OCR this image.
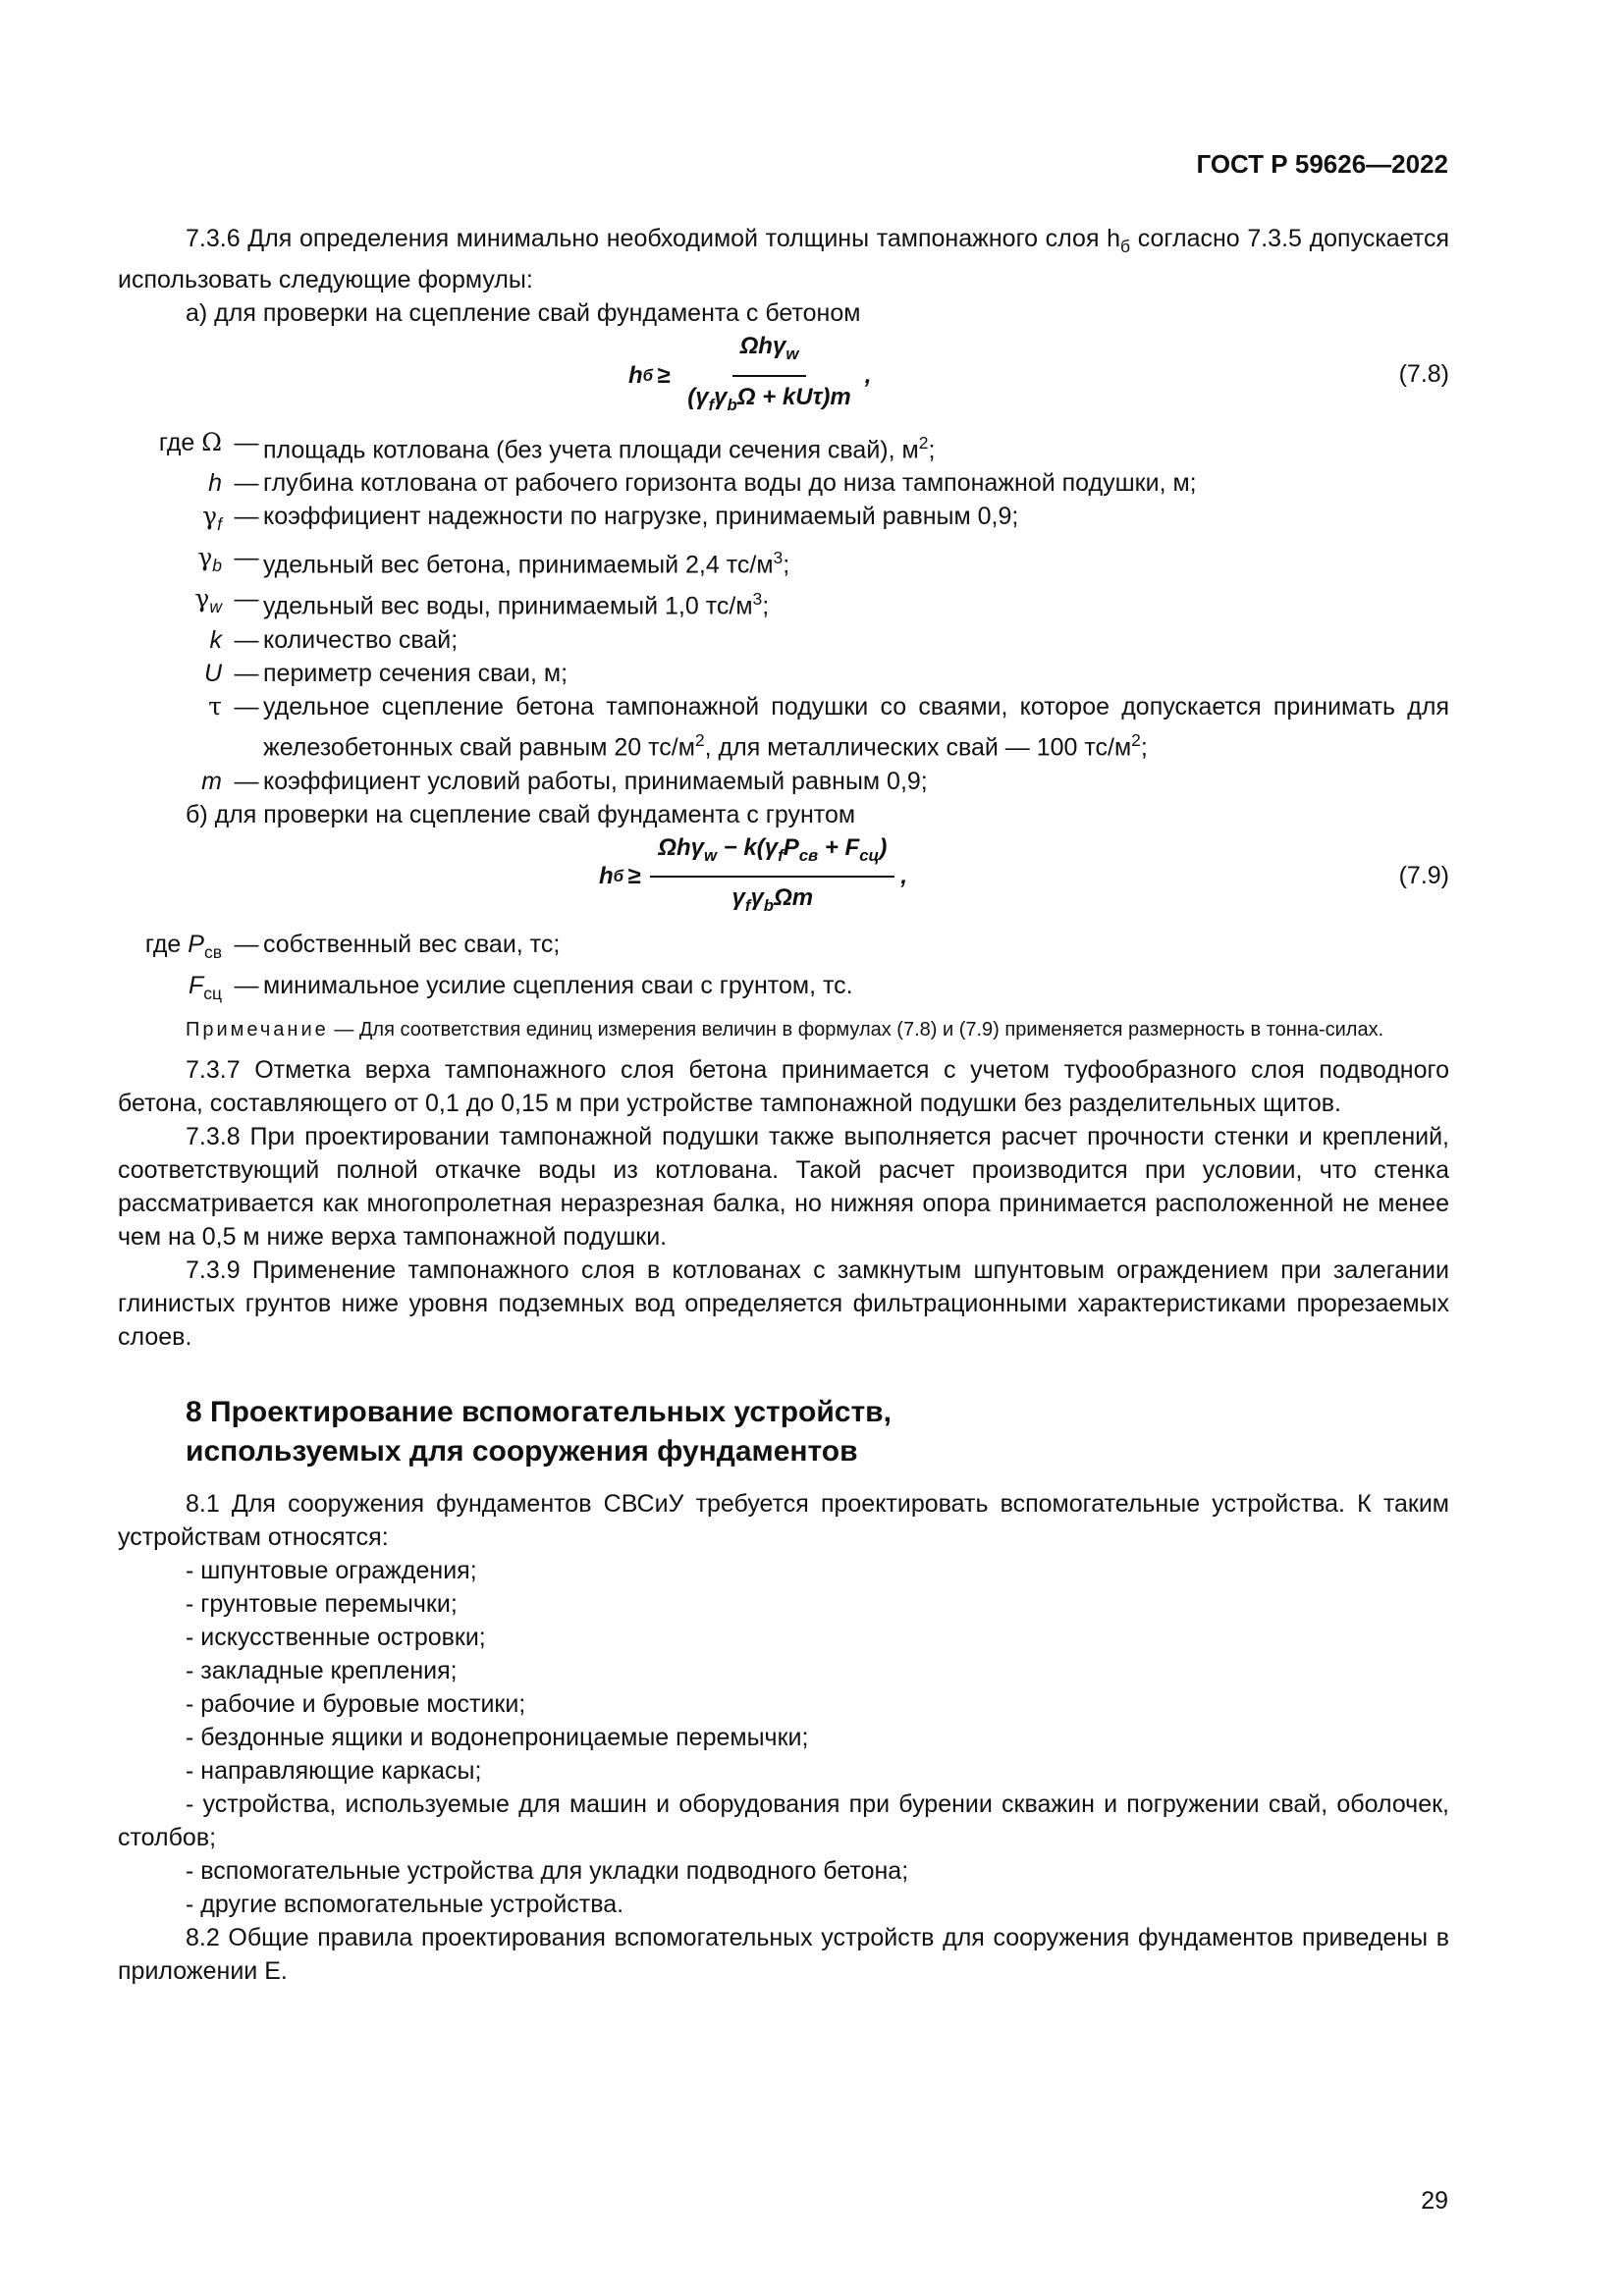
ГОСТ Р 59626—2022

7.3.6 Для определения минимально необходимой толщины тампонажного слоя $h_б$ согласно 7.3.5 допускается использовать следующие формулы:

а) для проверки на сцепление свай фундамента с бетоном

h $б \ge \frac{\Omega h\gamma_w}{(\gamma_f\gamma_b\Omega + kU\tau)m}$ ,	(7.8)
где Ω — площадь котлована (без учета площади сечения свай), $м^2$;
h — глубина котлована от рабочего горизонта воды до низа тампонажной подушки, м;
$\gamma_f$ — коэффициент надежности по нагрузке, принимаемый равным 0,9;
$\gamma_b$ — удельный вес бетона, принимаемый 2,4 $тс/м^3$;
$\gamma_w$ — удельный вес воды, принимаемый 1,0 $тс/м^3$;
k — количество свай;
U — периметр сечения сваи, м;
τ — удельное сцепление бетона тампонажной подушки со сваями, которое допускается принимать для железобетонных свай равным 20 $тс/м^2$, для металлических свай — 100 $тс/м^2$;
m — коэффициент условий работы, принимаемый равным 0,9;

б) для проверки на сцепление свай фундамента с грунтом

h $б \ge \frac{\Omega h\gamma_w - k(\gamma_fP_{св} + F_{сц})}{\gamma_f\gamma_b\Omega m}$ ,	(7.9)
где $P_{св}$ — собственный вес сваи, тс;
$F_{сц}$ — минимальное усилие сцепления сваи с грунтом, тс.

Примечание — Для соответствия единиц измерения величин в формулах (7.8) и (7.9) применяется размерность в тонна-силах.

7.3.7 Отметка верха тампонажного слоя бетона принимается с учетом туфообразного слоя подводного бетона, составляющего от 0,1 до 0,15 м при устройстве тампонажной подушки без разделительных щитов.

7.3.8 При проектировании тампонажной подушки также выполняется расчет прочности стенки и креплений, соответствующий полной откачке воды из котлована. Такой расчет производится при условии, что стенка рассматривается как многопролетная неразрезная балка, но нижняя опора принимается расположенной не менее чем на 0,5 м ниже верха тампонажной подушки.

7.3.9 Применение тампонажного слоя в котлованах с замкнутым шпунтовым ограждением при залегании глинистых грунтов ниже уровня подземных вод определяется фильтрационными характеристиками прорезаемых слоев.

8 Проектирование вспомогательных устройств,

используемых для сооружения фундаментов

8.1 Для сооружения фундаментов СВСиУ требуется проектировать вспомогательные устройства. К таким устройствам относятся:

- шпунтовые ограждения;
- грунтовые перемычки;
- искусственные островки;
- закладные крепления;
- рабочие и буровые мостики;
- бездонные ящики и водонепроницаемые перемычки;
- направляющие каркасы;
- устройства, используемые для машин и оборудования при бурении скважин и погружении свай, оболочек, столбов;
- вспомогательные устройства для укладки подводного бетона;
- другие вспомогательные устройства.

8.2 Общие правила проектирования вспомогательных устройств для сооружения фундаментов приведены в приложении Е.

29
